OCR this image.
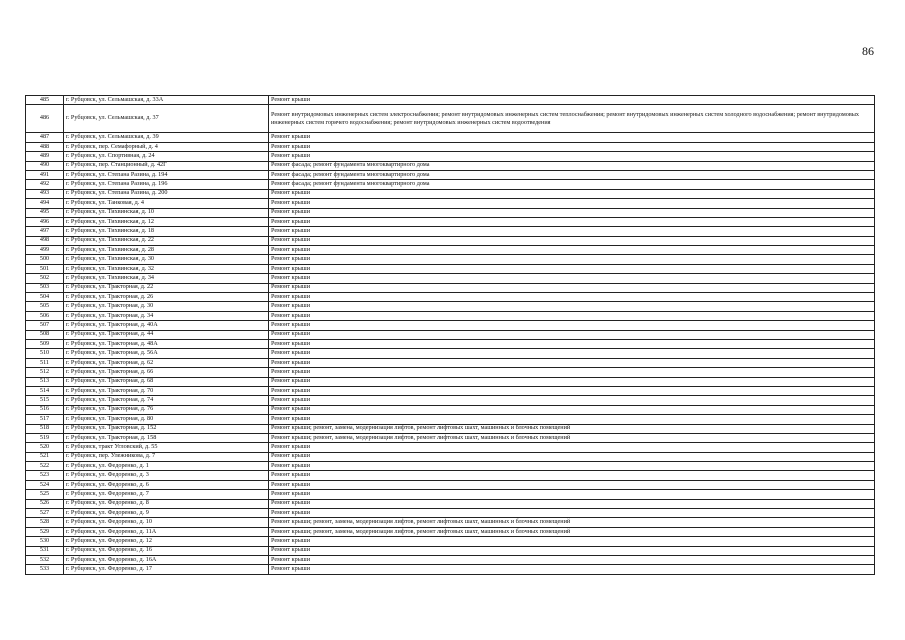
86
485	г. Рубцовск, ул. Сельмашская, д. 33А	Ремонт крыши
486	г. Рубцовск, ул. Сельмашская, д. 37	Ремонт внутридомовых инженерных систем электроснабжения; ремонт внутридомовых инженерных систем теплоснабжения; ремонт внутридомовых инженерных систем холодного водоснабжения; ремонт внутридомовых инженерных систем горячего водоснабжения; ремонт внутридомовых инженерных систем водоотведения
487	г. Рубцовск, ул. Сельмашская, д. 39	Ремонт крыши
488	г. Рубцовск, пер. Семафорный, д. 4	Ремонт крыши
489	г. Рубцовск, ул. Спортивная, д. 24	Ремонт крыши
490	г. Рубцовск, пер. Станционный, д. 42Г	Ремонт фасада; ремонт фундамента многоквартирного дома
491	г. Рубцовск, ул. Степана Разина, д. 194	Ремонт фасада; ремонт фундамента многоквартирного дома
492	г. Рубцовск, ул. Степана Разина, д. 196	Ремонт фасада; ремонт фундамента многоквартирного дома
493	г. Рубцовск, ул. Степана Разина, д. 200	Ремонт крыши
494	г. Рубцовск, ул. Танковая, д. 4	Ремонт крыши
495	г. Рубцовск, ул. Тихвинская, д. 10	Ремонт крыши
496	г. Рубцовск, ул. Тихвинская, д. 12	Ремонт крыши
497	г. Рубцовск, ул. Тихвинская, д. 18	Ремонт крыши
498	г. Рубцовск, ул. Тихвинская, д. 22	Ремонт крыши
499	г. Рубцовск, ул. Тихвинская, д. 28	Ремонт крыши
500	г. Рубцовск, ул. Тихвинская, д. 30	Ремонт крыши
501	г. Рубцовск, ул. Тихвинская, д. 32	Ремонт крыши
502	г. Рубцовск, ул. Тихвинская, д. 34	Ремонт крыши
503	г. Рубцовск, ул. Тракторная, д. 22	Ремонт крыши
504	г. Рубцовск, ул. Тракторная, д. 26	Ремонт крыши
505	г. Рубцовск, ул. Тракторная, д. 30	Ремонт крыши
506	г. Рубцовск, ул. Тракторная, д. 34	Ремонт крыши
507	г. Рубцовск, ул. Тракторная, д. 40А	Ремонт крыши
508	г. Рубцовск, ул. Тракторная, д. 44	Ремонт крыши
509	г. Рубцовск, ул. Тракторная, д. 48А	Ремонт крыши
510	г. Рубцовск, ул. Тракторная, д. 56А	Ремонт крыши
511	г. Рубцовск, ул. Тракторная, д. 62	Ремонт крыши
512	г. Рубцовск, ул. Тракторная, д. 66	Ремонт крыши
513	г. Рубцовск, ул. Тракторная, д. 68	Ремонт крыши
514	г. Рубцовск, ул. Тракторная, д. 70	Ремонт крыши
515	г. Рубцовск, ул. Тракторная, д. 74	Ремонт крыши
516	г. Рубцовск, ул. Тракторная, д. 76	Ремонт крыши
517	г. Рубцовск, ул. Тракторная, д. 80	Ремонт крыши
518	г. Рубцовск, ул. Тракторная, д. 152	Ремонт крыши; ремонт, замена, модернизация лифтов, ремонт лифтовых шахт, машинных и блочных помещений
519	г. Рубцовск, ул. Тракторная, д. 158	Ремонт крыши; ремонт, замена, модернизация лифтов, ремонт лифтовых шахт, машинных и блочных помещений
520	г. Рубцовск, тракт Угловский, д. 55	Ремонт крыши
521	г. Рубцовск, пер. Улежникова, д. 7	Ремонт крыши
522	г. Рубцовск, ул. Федоренко, д. 1	Ремонт крыши
523	г. Рубцовск, ул. Федоренко, д. 3	Ремонт крыши
524	г. Рубцовск, ул. Федоренко, д. 6	Ремонт крыши
525	г. Рубцовск, ул. Федоренко, д. 7	Ремонт крыши
526	г. Рубцовск, ул. Федоренко, д. 8	Ремонт крыши
527	г. Рубцовск, ул. Федоренко, д. 9	Ремонт крыши
528	г. Рубцовск, ул. Федоренко, д. 10	Ремонт крыши; ремонт, замена, модернизация лифтов, ремонт лифтовых шахт, машинных и блочных помещений
529	г. Рубцовск, ул. Федоренко, д. 11А	Ремонт крыши; ремонт, замена, модернизация лифтов, ремонт лифтовых шахт, машинных и блочных помещений
530	г. Рубцовск, ул. Федоренко, д. 12	Ремонт крыши
531	г. Рубцовск, ул. Федоренко, д. 16	Ремонт крыши
532	г. Рубцовск, ул. Федоренко, д. 16А	Ремонт крыши
533	г. Рубцовск, ул. Федоренко, д. 17	Ремонт крыши
